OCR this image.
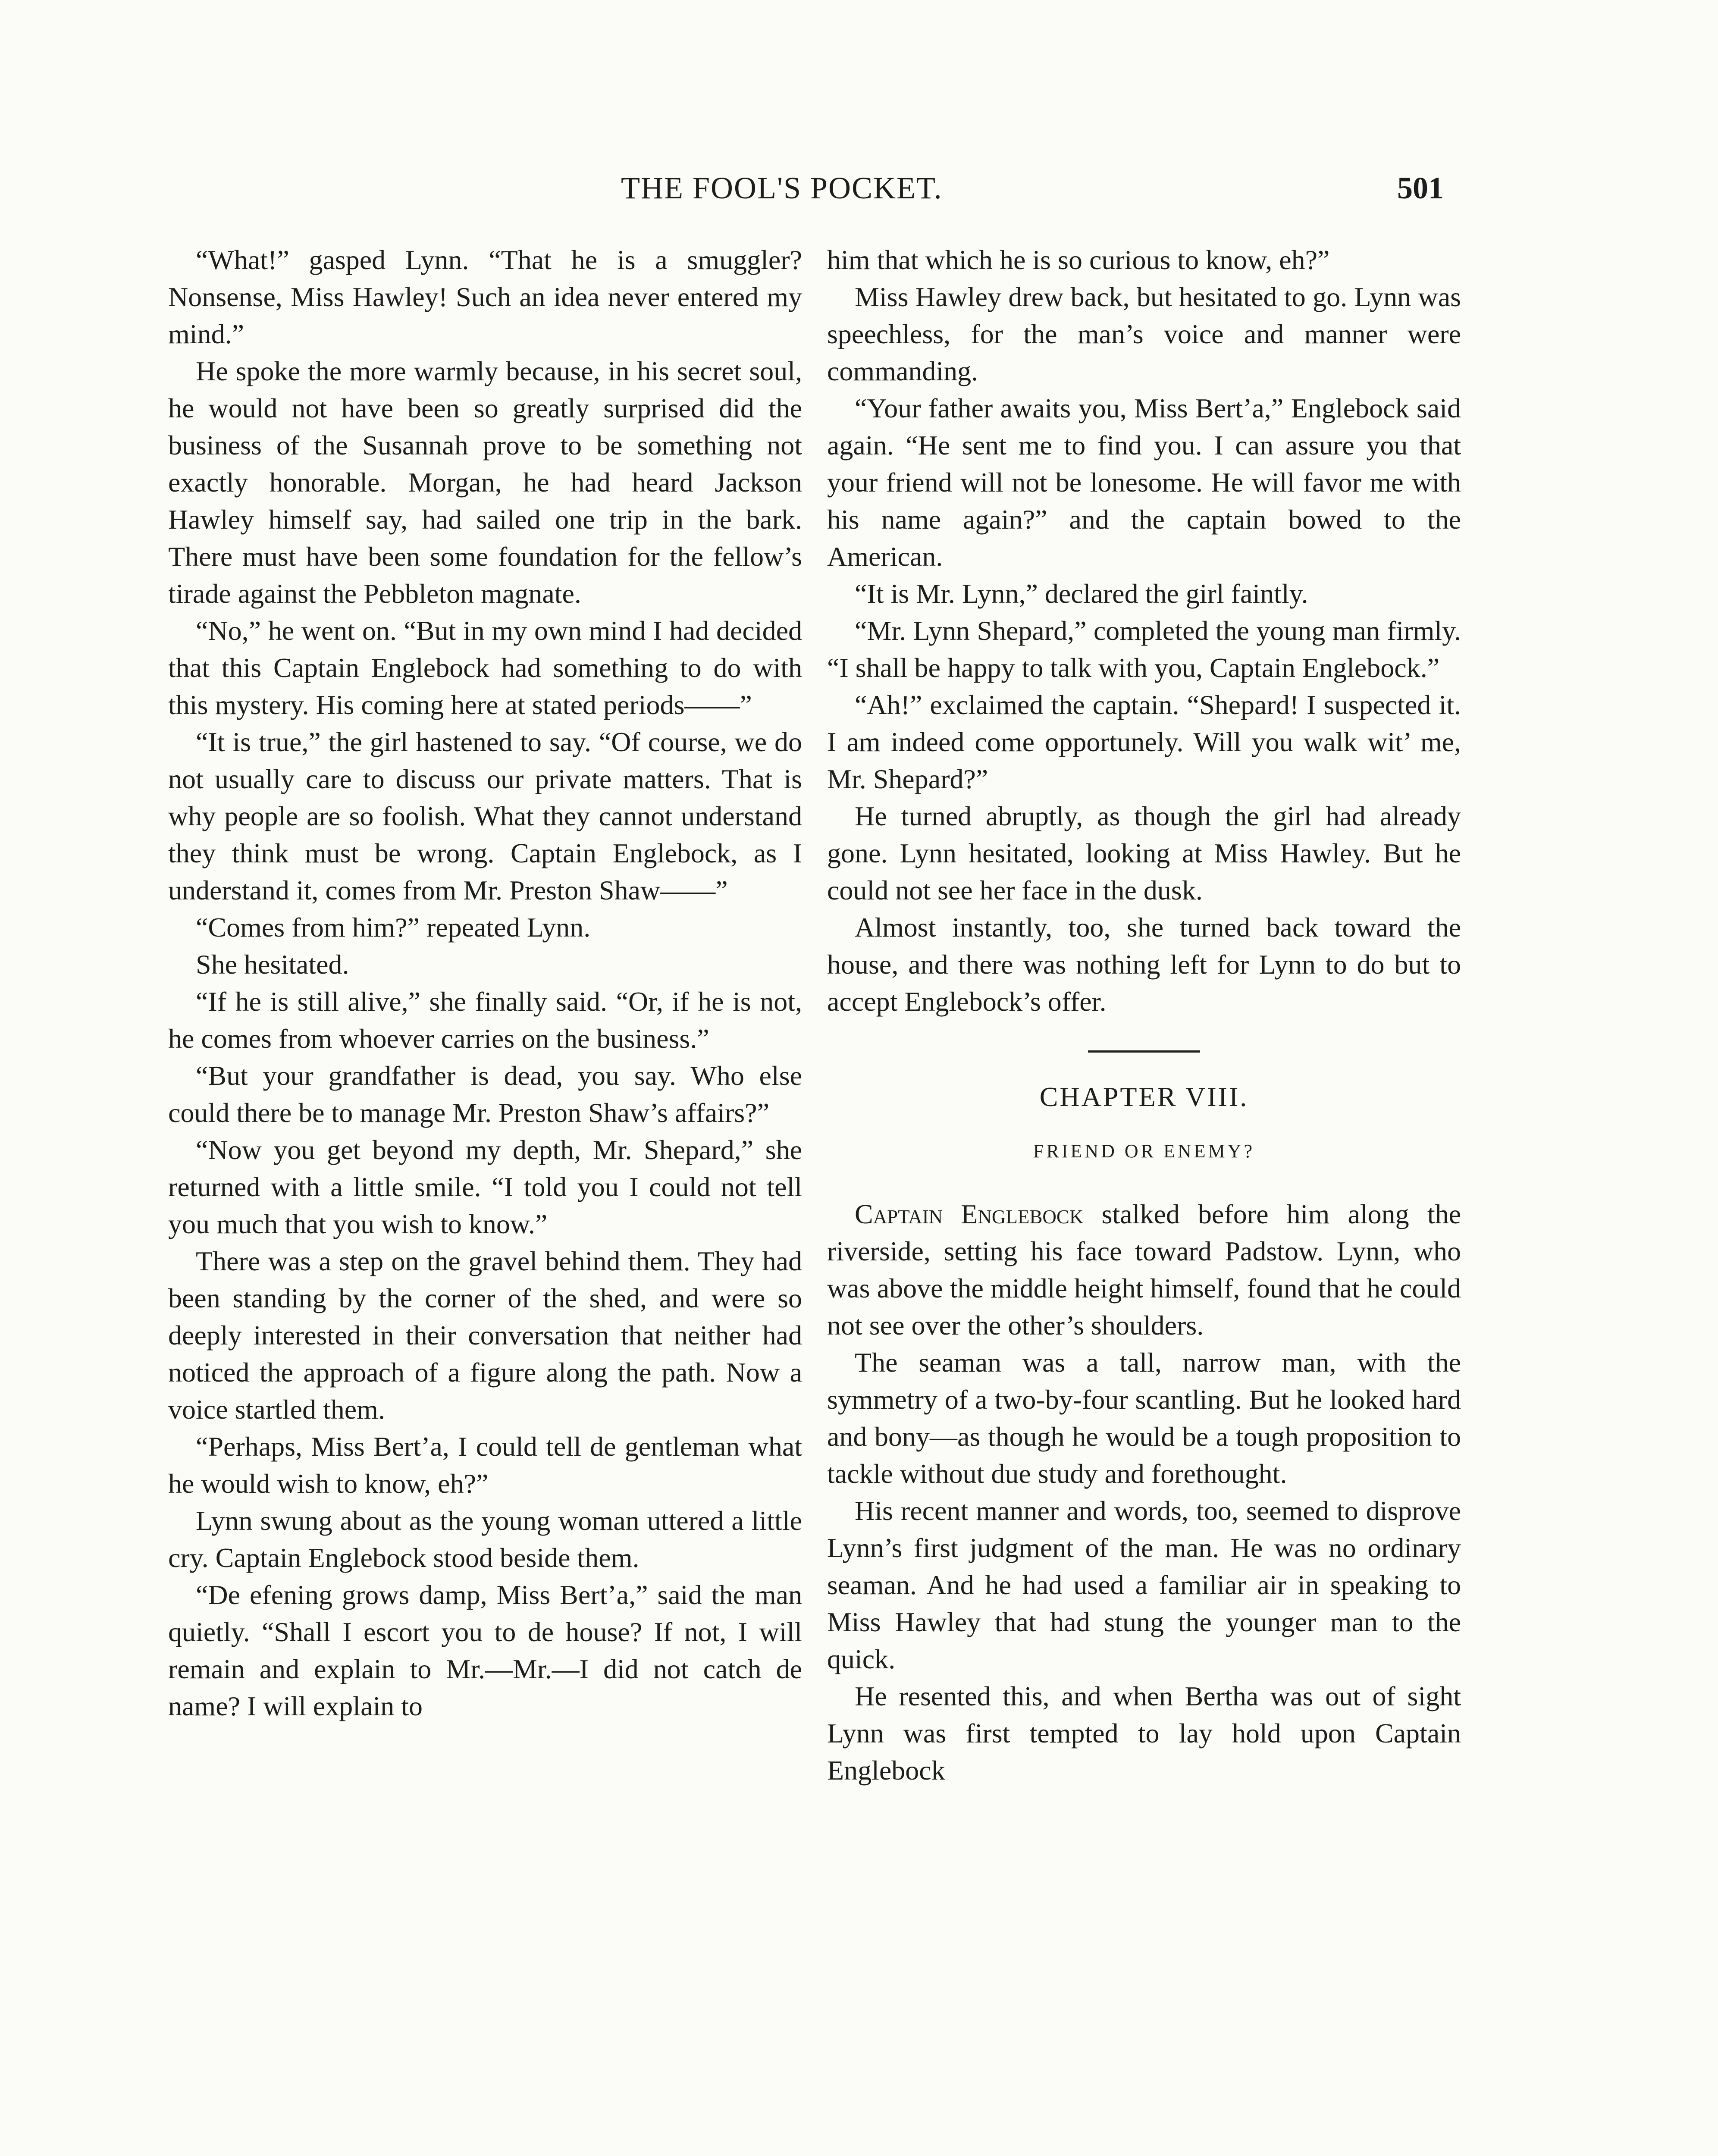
THE FOOL'S POCKET.	501

“What!” gasped Lynn. “That he is a smuggler? Nonsense, Miss Hawley! Such an idea never entered my mind.”

He spoke the more warmly because, in his secret soul, he would not have been so greatly surprised did the business of the Susannah prove to be something not exactly honorable. Morgan, he had heard Jackson Hawley himself say, had sailed one trip in the bark. There must have been some foundation for the fellow’s tirade against the Pebbleton magnate.

“No,” he went on. “But in my own mind I had decided that this Captain Englebock had something to do with this mystery. His coming here at stated periods——”

“It is true,” the girl hastened to say. “Of course, we do not usually care to discuss our private matters. That is why people are so foolish. What they cannot understand they think must be wrong. Captain Englebock, as I understand it, comes from Mr. Preston Shaw——”

“Comes from him?” repeated Lynn.

She hesitated.

“If he is still alive,” she finally said. “Or, if he is not, he comes from whoever carries on the business.”

“But your grandfather is dead, you say. Who else could there be to manage Mr. Preston Shaw’s affairs?”

“Now you get beyond my depth, Mr. Shepard,” she returned with a little smile. “I told you I could not tell you much that you wish to know.”

There was a step on the gravel behind them. They had been standing by the corner of the shed, and were so deeply interested in their conversation that neither had noticed the approach of a figure along the path. Now a voice startled them.

“Perhaps, Miss Bert’a, I could tell de gentleman what he would wish to know, eh?”

Lynn swung about as the young woman uttered a little cry. Captain Englebock stood beside them.

“De efening grows damp, Miss Bert’a,” said the man quietly. “Shall I escort you to de house? If not, I will remain and explain to Mr.—Mr.—I did not catch de name? I will explain to

him that which he is so curious to know, eh?”

Miss Hawley drew back, but hesitated to go. Lynn was speechless, for the man’s voice and manner were commanding.

“Your father awaits you, Miss Bert’a,” Englebock said again. “He sent me to find you. I can assure you that your friend will not be lonesome. He will favor me with his name again?” and the captain bowed to the American.

“It is Mr. Lynn,” declared the girl faintly.

“Mr. Lynn Shepard,” completed the young man firmly. “I shall be happy to talk with you, Captain Englebock.”

“Ah!” exclaimed the captain. “Shepard! I suspected it. I am indeed come opportunely. Will you walk wit’ me, Mr. Shepard?”

He turned abruptly, as though the girl had already gone. Lynn hesitated, looking at Miss Hawley. But he could not see her face in the dusk.

Almost instantly, too, she turned back toward the house, and there was nothing left for Lynn to do but to accept Englebock’s offer.

CHAPTER VIII.
FRIEND OR ENEMY?

Captain Englebock stalked before him along the riverside, setting his face toward Padstow. Lynn, who was above the middle height himself, found that he could not see over the other’s shoulders.

The seaman was a tall, narrow man, with the symmetry of a two-by-four scantling. But he looked hard and bony—as though he would be a tough proposition to tackle without due study and forethought.

His recent manner and words, too, seemed to disprove Lynn’s first judgment of the man. He was no ordinary seaman. And he had used a familiar air in speaking to Miss Hawley that had stung the younger man to the quick.

He resented this, and when Bertha was out of sight Lynn was first tempted to lay hold upon Captain Englebock
